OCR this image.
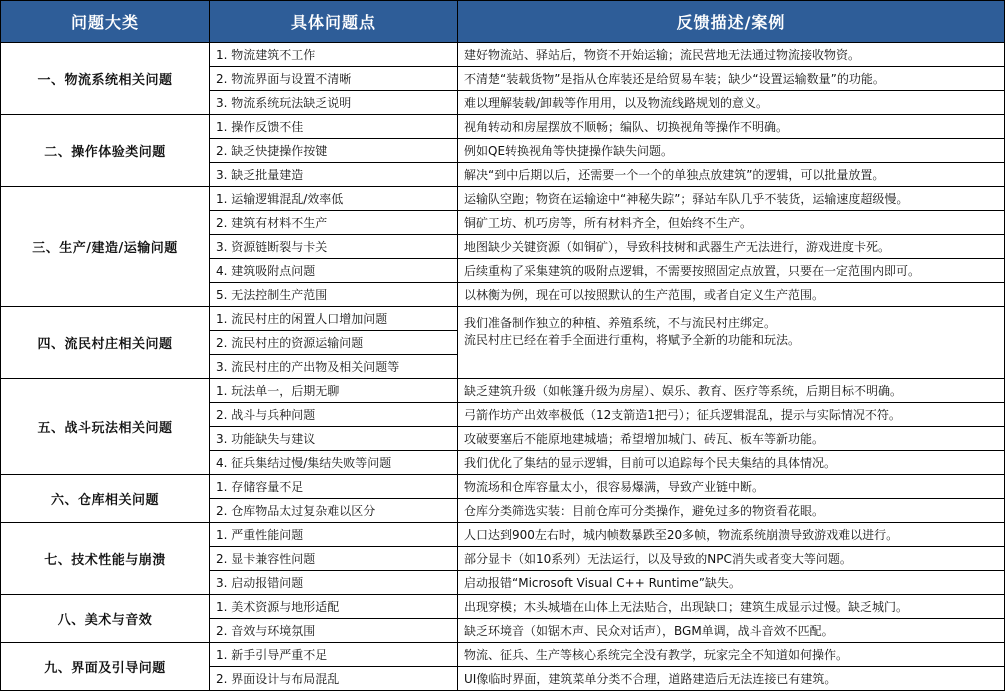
问题大类	具体问题点	反馈描述/案例
一、物流系统相关问题	1. 物流建筑不工作	建好物流站、驿站后，物资不开始运输；流民营地无法通过物流接收物资。
	2. 物流界面与设置不清晰	不清楚“装载货物”是指从仓库装还是给贸易车装；缺少“设置运输数量”的功能。
	3. 物流系统玩法缺乏说明	难以理解装载/卸载等作用用，以及物流线路规划的意义。
二、操作体验类问题	1. 操作反馈不佳	视角转动和房屋摆放不顺畅；编队、切换视角等操作不明确。
	2. 缺乏快捷操作按键	例如QE转换视角等快捷操作缺失问题。
	3. 缺乏批量建造	解决“到中后期以后，还需要一个一个的单独点放建筑”的逻辑，可以批量放置。
三、生产/建造/运输问题	1. 运输逻辑混乱/效率低	运输队空跑；物资在运输途中“神秘失踪”；驿站车队几乎不装货，运输速度超级慢。
	2. 建筑有材料不生产	铜矿工坊、机巧房等，所有材料齐全，但始终不生产。
	3. 资源链断裂与卡关	地图缺少关键资源（如铜矿），导致科技树和武器生产无法进行，游戏进度卡死。
	4. 建筑吸附点问题	后续重构了采集建筑的吸附点逻辑，不需要按照固定点放置，只要在一定范围内即可。
	5. 无法控制生产范围	以林衡为例，现在可以按照默认的生产范围，或者自定义生产范围。
四、流民村庄相关问题	1. 流民村庄的闲置人口增加问题	我们准备制作独立的种植、养殖系统，不与流民村庄绑定。
流民村庄已经在着手全面进行重构，将赋予全新的功能和玩法。

	2. 流民村庄的资源运输问题	
	3. 流民村庄的产出物及相关问题等	
五、战斗玩法相关问题	1. 玩法单一，后期无聊	缺乏建筑升级（如帐篷升级为房屋）、娱乐、教育、医疗等系统，后期目标不明确。
	2. 战斗与兵种问题	弓箭作坊产出效率极低（12支箭造1把弓）；征兵逻辑混乱，提示与实际情况不符。
	3. 功能缺失与建议	攻破要塞后不能原地建城墙；希望增加城门、砖瓦、板车等新功能。
	4. 征兵集结过慢/集结失败等问题	我们优化了集结的显示逻辑，目前可以追踪每个民夫集结的具体情况。
六、仓库相关问题	1. 存储容量不足	物流场和仓库容量太小，很容易爆满，导致产业链中断。
	2. 仓库物品太过复杂难以区分	仓库分类筛选实装：目前仓库可分类操作，避免过多的物资看花眼。
七、技术性能与崩溃	1. 严重性能问题	人口达到900左右时，城内帧数暴跌至20多帧，物流系统崩溃导致游戏难以进行。
	2. 显卡兼容性问题	部分显卡（如10系列）无法运行，以及导致的NPC消失或者变大等问题。
	3. 启动报错问题	启动报错“Microsoft Visual C++ Runtime”缺失。
八、美术与音效	1. 美术资源与地形适配	出现穿模；木头城墙在山体上无法贴合，出现缺口；建筑生成显示过慢。缺乏城门。
	2. 音效与环境氛围	缺乏环境音（如锯木声、民众对话声），BGM单调，战斗音效不匹配。
九、界面及引导问题	1. 新手引导严重不足	物流、征兵、生产等核心系统完全没有教学，玩家完全不知道如何操作。
	2. 界面设计与布局混乱	UI像临时界面，建筑菜单分类不合理，道路建造后无法连接已有建筑。
